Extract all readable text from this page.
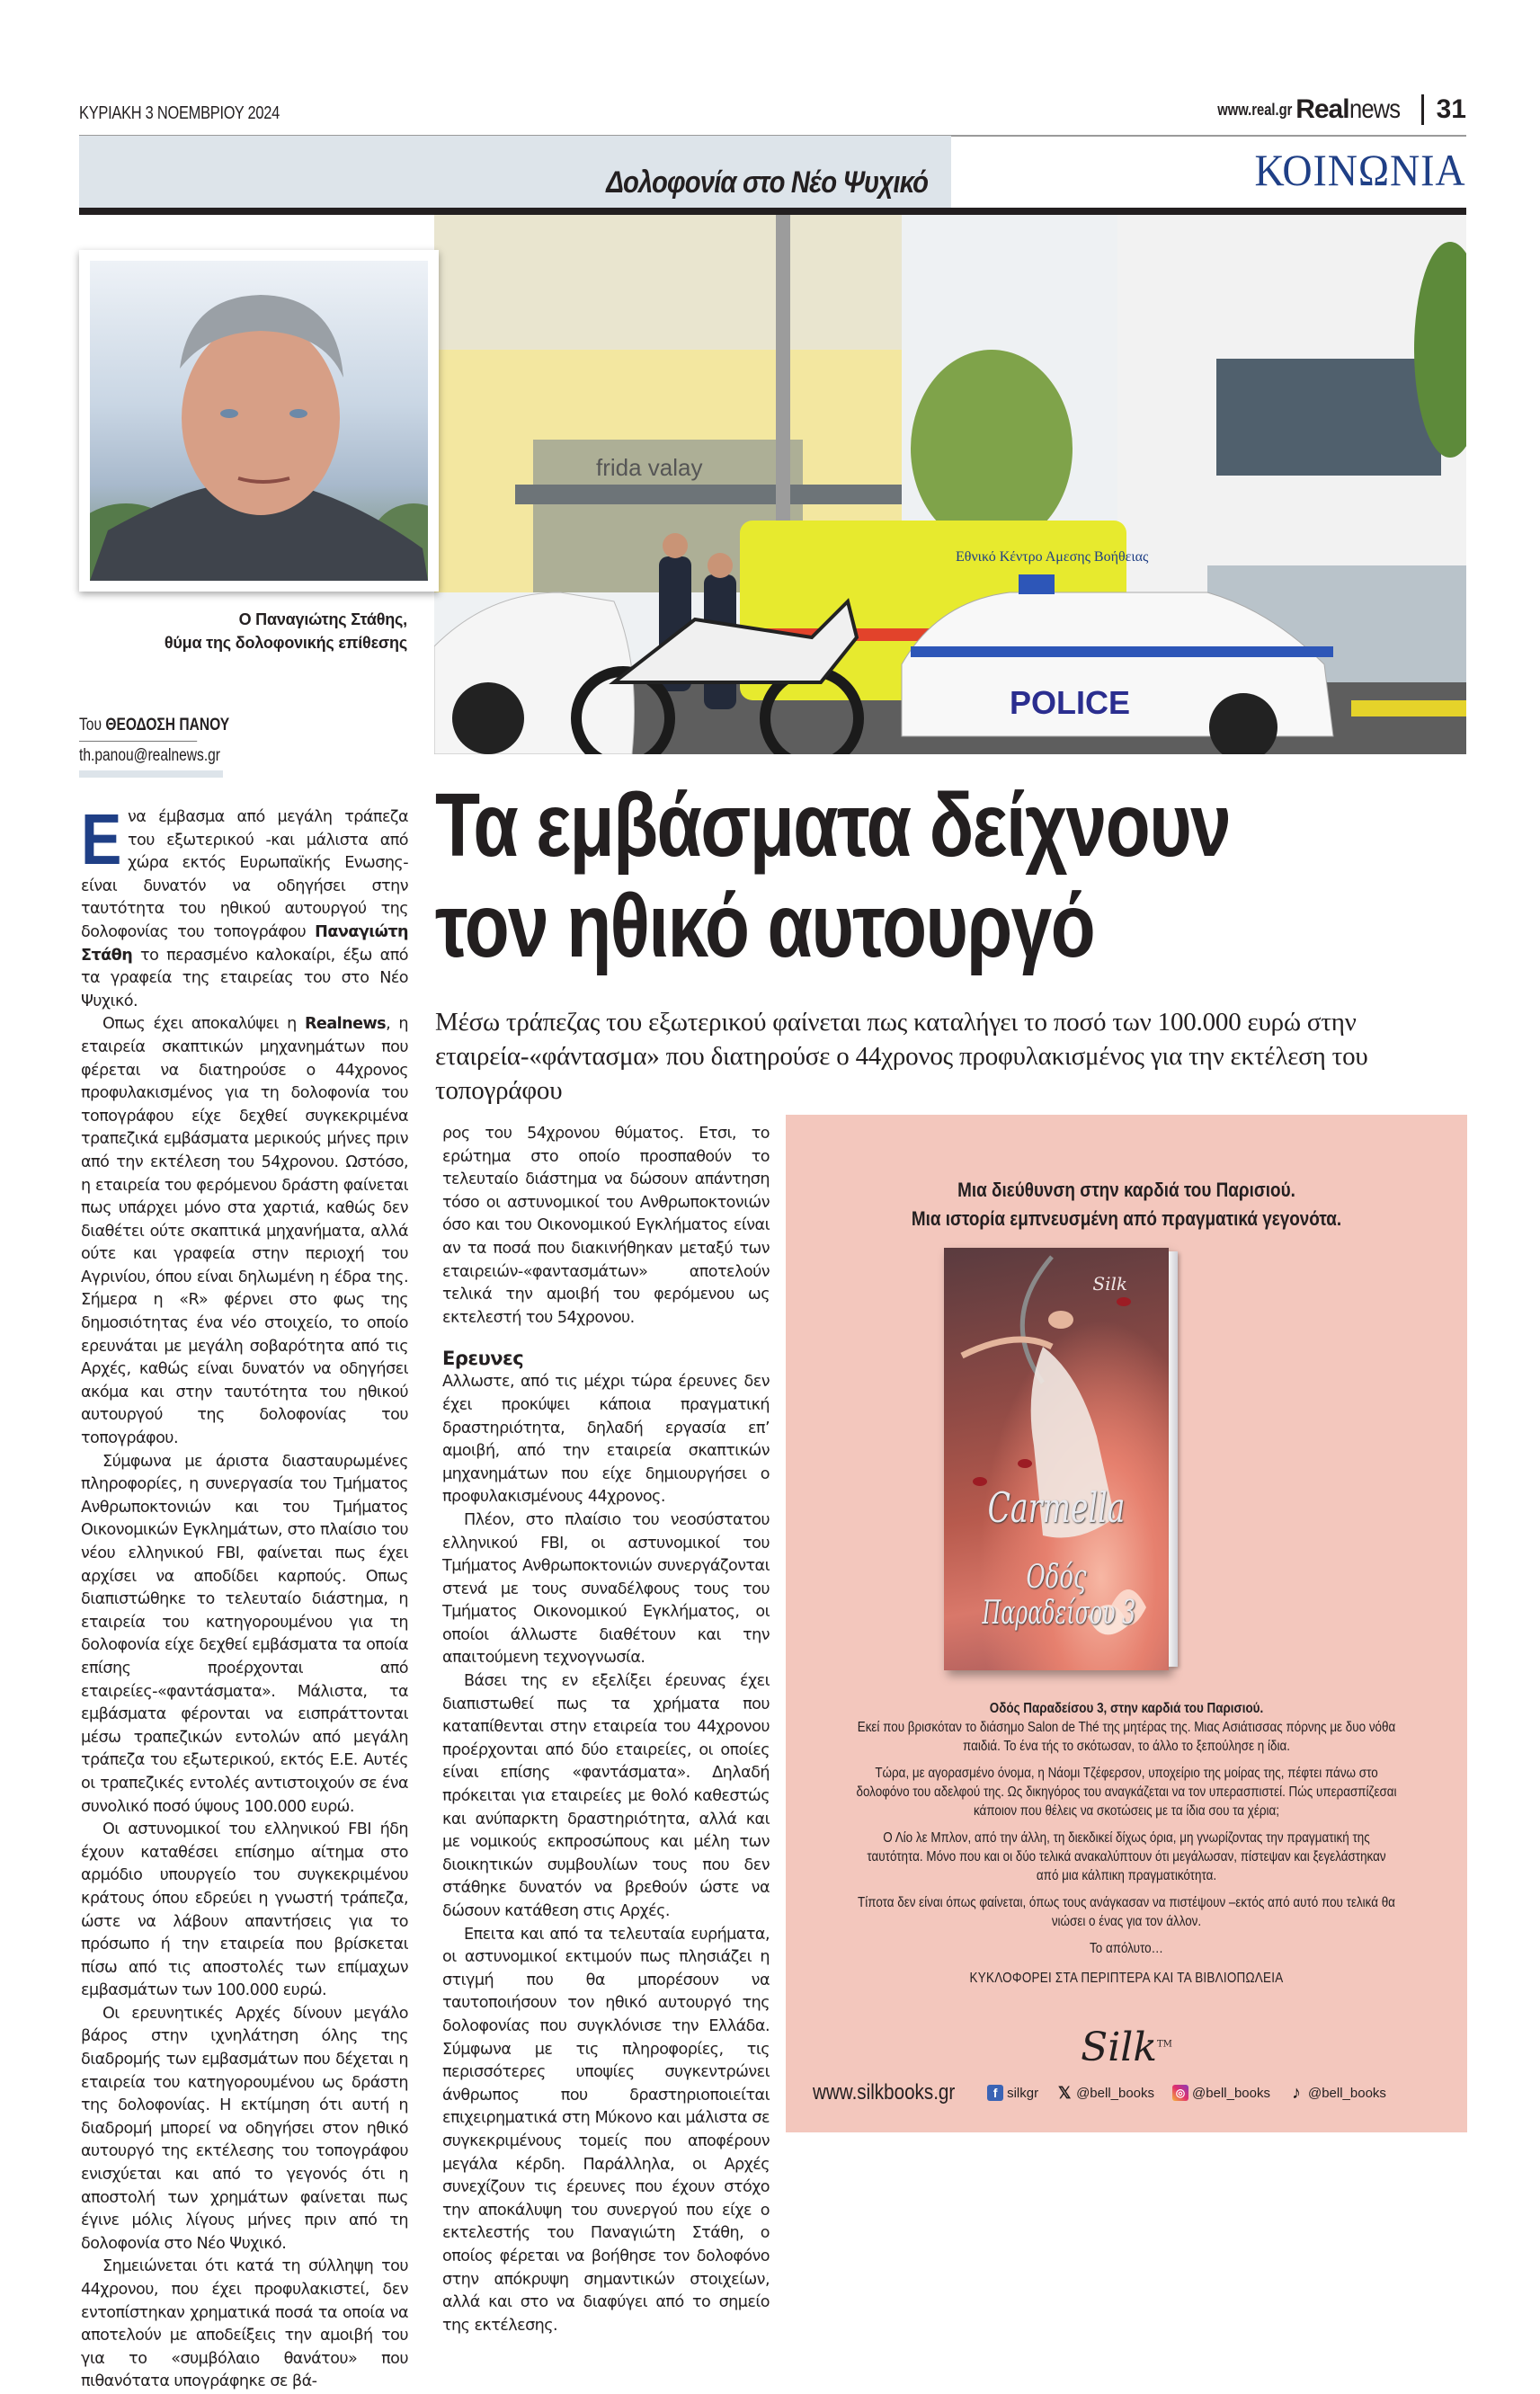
ΚΥΡΙΑΚΗ 3 ΝΟΕΜΒΡΙΟΥ 2024	www.real.gr Real news 31
Δολοφονία στο Νέο Ψυχικό	ΚΟΙΝΩΝΙΑ
frida valay
Εθνικό Κέντρο Αμεσης Βοήθειας
POLICE
Ο Παναγιώτης Στάθης,
θύμα της δολοφονικής επίθεσης
Του ΘΕΟΔΟΣΗ ΠΑΝΟΥ
th.panou@realnews.gr
Τα εμβάσματα δείχνουν
τον ηθικό αυτουργό
Μέσω τράπεζας του εξωτερικού φαίνεται πως καταλήγει το ποσό των 100.000 ευρώ στην εταιρεία-«φάντασμα» που διατηρούσε ο 44χρονος προφυλακισμένος για την εκτέλεση του τοπογράφου

Ενα έμβασμα από μεγάλη τράπεζα του εξωτερικού -και μάλιστα από χώρα εκτός Ευρωπαϊκής Ενωσης- είναι δυνατόν να οδηγήσει στην ταυτότητα του ηθικού αυτουργού της δολοφονίας του τοπογράφου Παναγιώτη Στάθη το περασμένο καλοκαίρι, έξω από τα γραφεία της εταιρείας του στο Νέο Ψυχικό.

Οπως έχει αποκαλύψει η Realnews, η εταιρεία σκαπτικών μηχανημάτων που φέρεται να διατηρούσε ο 44χρονος προφυλακισμένος για τη δολοφονία του τοπογράφου είχε δεχθεί συγκεκριμένα τραπεζικά εμβάσματα μερικούς μήνες πριν από την εκτέλεση του 54χρονου. Ωστόσο, η εταιρεία του φερόμενου δράστη φαίνεται πως υπάρχει μόνο στα χαρτιά, καθώς δεν διαθέτει ούτε σκαπτικά μηχανήματα, αλλά ούτε και γραφεία στην περιοχή του Αγρινίου, όπου είναι δηλωμένη η έδρα της. Σήμερα η «R» φέρνει στο φως της δημοσιότητας ένα νέο στοιχείο, το οποίο ερευνάται με μεγάλη σοβαρότητα από τις Αρχές, καθώς είναι δυνατόν να οδηγήσει ακόμα και στην ταυτότητα του ηθικού αυτουργού της δολοφονίας του τοπογράφου.

Σύμφωνα με άριστα διασταυρωμένες πληροφορίες, η συνεργασία του Τμήματος Ανθρωποκτονιών και του Τμήματος Οικονομικών Εγκλημάτων, στο πλαίσιο του νέου ελληνικού FBI, φαίνεται πως έχει αρχίσει να αποδίδει καρπούς. Οπως διαπιστώθηκε το τελευταίο διάστημα, η εταιρεία του κατηγορουμένου για τη δολοφονία είχε δεχθεί εμβάσματα τα οποία επίσης προέρχονται από εταιρείες-«φαντάσματα». Μάλιστα, τα εμβάσματα φέρονται να εισπράττονται μέσω τραπεζικών εντολών από μεγάλη τράπεζα του εξωτερικού, εκτός Ε.Ε. Αυτές οι τραπεζικές εντολές αντιστοιχούν σε ένα συνολικό ποσό ύψους 100.000 ευρώ.

Οι αστυνομικοί του ελληνικού FBI ήδη έχουν καταθέσει επίσημο αίτημα στο αρμόδιο υπουργείο του συγκεκριμένου κράτους όπου εδρεύει η γνωστή τράπεζα, ώστε να λάβουν απαντήσεις για το πρόσωπο ή την εταιρεία που βρίσκεται πίσω από τις αποστολές των επίμαχων εμβασμάτων των 100.000 ευρώ.

Οι ερευνητικές Αρχές δίνουν μεγάλο βάρος στην ιχνηλάτηση όλης της διαδρομής των εμβασμάτων που δέχεται η εταιρεία του κατηγορουμένου ως δράστη της δολοφονίας. Η εκτίμηση ότι αυτή η διαδρομή μπορεί να οδηγήσει στον ηθικό αυτουργό της εκτέλεσης του τοπογράφου ενισχύεται και από το γεγονός ότι η αποστολή των χρημάτων φαίνεται πως έγινε μόλις λίγους μήνες πριν από τη δολοφονία στο Νέο Ψυχικό.

Σημειώνεται ότι κατά τη σύλληψη του 44χρονου, που έχει προφυλακιστεί, δεν εντοπίστηκαν χρηματικά ποσά τα οποία να αποτελούν με αποδείξεις την αμοιβή του για το «συμβόλαιο θανάτου» που πιθανότατα υπογράφηκε σε βά-

ρος του 54χρονου θύματος. Ετσι, το ερώτημα στο οποίο προσπαθούν το τελευταίο διάστημα να δώσουν απάντηση τόσο οι αστυνομικοί του Ανθρωποκτονιών όσο και του Οικονομικού Εγκλήματος είναι αν τα ποσά που διακινήθηκαν μεταξύ των εταιρειών-«φαντασμάτων» αποτελούν τελικά την αμοιβή του φερόμενου ως εκτελεστή του 54χρονου.

Ερευνες

Αλλωστε, από τις μέχρι τώρα έρευνες δεν έχει προκύψει κάποια πραγματική δραστηριότητα, δηλαδή εργασία επ’ αμοιβή, από την εταιρεία σκαπτικών μηχανημάτων που είχε δημιουργήσει ο προφυλακισμένους 44χρονος.

Πλέον, στο πλαίσιο του νεοσύστατου ελληνικού FBI, οι αστυνομικοί του Τμήματος Ανθρωποκτονιών συνεργάζονται στενά με τους συναδέλφους τους του Τμήματος Οικονομικού Εγκλήματος, οι οποίοι άλλωστε διαθέτουν και την απαιτούμενη τεχνογνωσία.

Βάσει της εν εξελίξει έρευνας έχει διαπιστωθεί πως τα χρήματα που καταπίθενται στην εταιρεία του 44χρονου προέρχονται από δύο εταιρείες, οι οποίες είναι επίσης «φαντάσματα». Δηλαδή πρόκειται για εταιρείες με θολό καθεστώς και ανύπαρκτη δραστηριότητα, αλλά και με νομικούς εκπροσώπους και μέλη των διοικητικών συμβουλίων τους που δεν στάθηκε δυνατόν να βρεθούν ώστε να δώσουν κατάθεση στις Αρχές.

Επειτα και από τα τελευταία ευρήματα, οι αστυνομικοί εκτιμούν πως πλησιάζει η στιγμή που θα μπορέσουν να ταυτοποιήσουν τον ηθικό αυτουργό της δολοφονίας που συγκλόνισε την Ελλάδα. Σύμφωνα με τις πληροφορίες, τις περισσότερες υποψίες συγκεντρώνει άνθρωπος που δραστηριοποιείται επιχειρηματικά στη Μύκονο και μάλιστα σε συγκεκριμένους τομείς που αποφέρουν μεγάλα κέρδη. Παράλληλα, οι Αρχές συνεχίζουν τις έρευνες που έχουν στόχο την αποκάλυψη του συνεργού που είχε ο εκτελεστής του Παναγιώτη Στάθη, ο οποίος φέρεται να βοήθησε τον δολοφόνο στην απόκρυψη σημαντικών στοιχείων, αλλά και στο να διαφύγει από το σημείο της εκτέλεσης.

Μια διεύθυνση στην καρδιά του Παρισιού.
Μια ιστορία εμπνευσμένη από πραγματικά γεγονότα.
Silk
Carmella
Οδός
Παραδείσου 3

Οδός Παραδείσου 3, στην καρδιά του Παρισιού.

Εκεί που βρισκόταν το διάσημο Salon de Thé της μητέρας της. Μιας Ασιάτισσας πόρνης με δυο νόθα παιδιά. Το ένα τής το σκότωσαν, το άλλο το ξεπούλησε η ίδια.

Τώρα, με αγορασμένο όνομα, η Νάομι Τζέφερσον, υποχείριο της μοίρας της, πέφτει πάνω στο δολοφόνο του αδελφού της. Ως δικηγόρος του αναγκάζεται να τον υπερασπιστεί. Πώς υπερασπίζεσαι κάποιον που θέλεις να σκοτώσεις με τα ίδια σου τα χέρια;

Ο Λίο λε Μπλον, από την άλλη, τη διεκδικεί δίχως όρια, μη γνωρίζοντας την πραγματική της ταυτότητα. Μόνο που και οι δύο τελικά ανακαλύπτουν ότι μεγάλωσαν, πίστεψαν και ξεγελάστηκαν από μια κάλπικη πραγματικότητα.

Τίποτα δεν είναι όπως φαίνεται, όπως τους ανάγκασαν να πιστέψουν –εκτός από αυτό που τελικά θα νιώσει ο ένας για τον άλλον.

Το απόλυτο…

ΚΥΚΛΟΦΟΡΕΙ ΣΤΑ ΠΕΡΙΠΤΕΡΑ ΚΑΙ ΤΑ ΒΙΒΛΙΟΠΩΛΕΙΑ

Silk™
www.silkbooks.gr	f silkgr 𝕏 @bell_books	◎ @bell_books ♪ @bell_books
